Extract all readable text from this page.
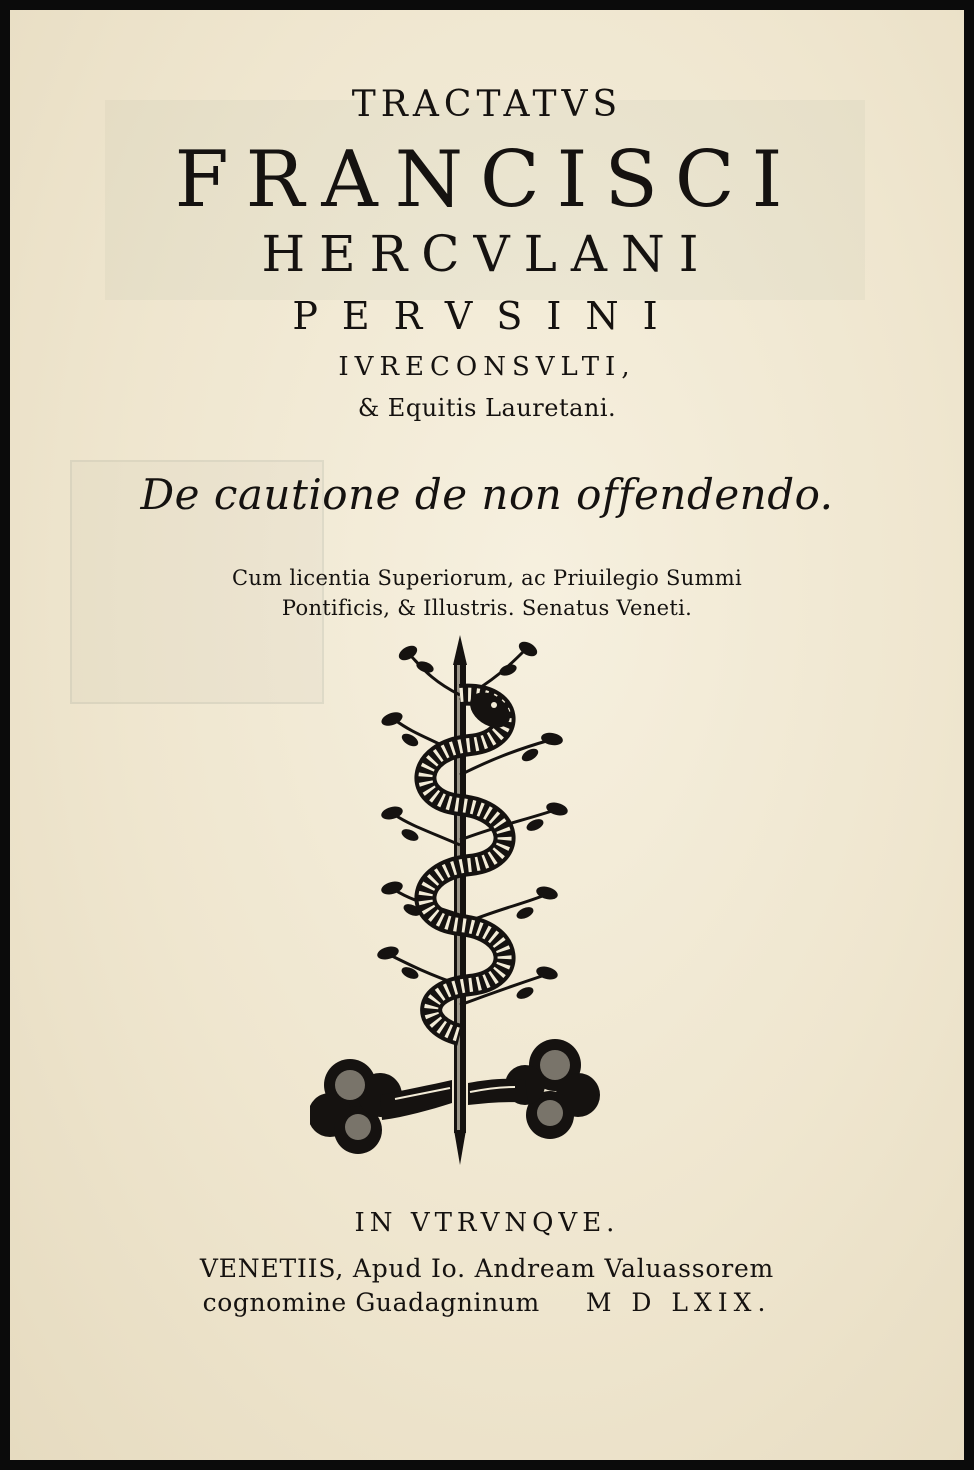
TRACTATVS
FRANCISCI
HERCVLANI
PERVSINI
IVRECONSVLTI,
& Equitis Lauretani.
De cautione de non offendendo.
Cum licentia Superiorum, ac Priuilegio Summi
Pontificis, & Illustris. Senatus Veneti.
IN VTRVNQVE.
VENETIIS, Apud Io. Andream Valuassorem
cognomine Guadagninum M D LXIX.
